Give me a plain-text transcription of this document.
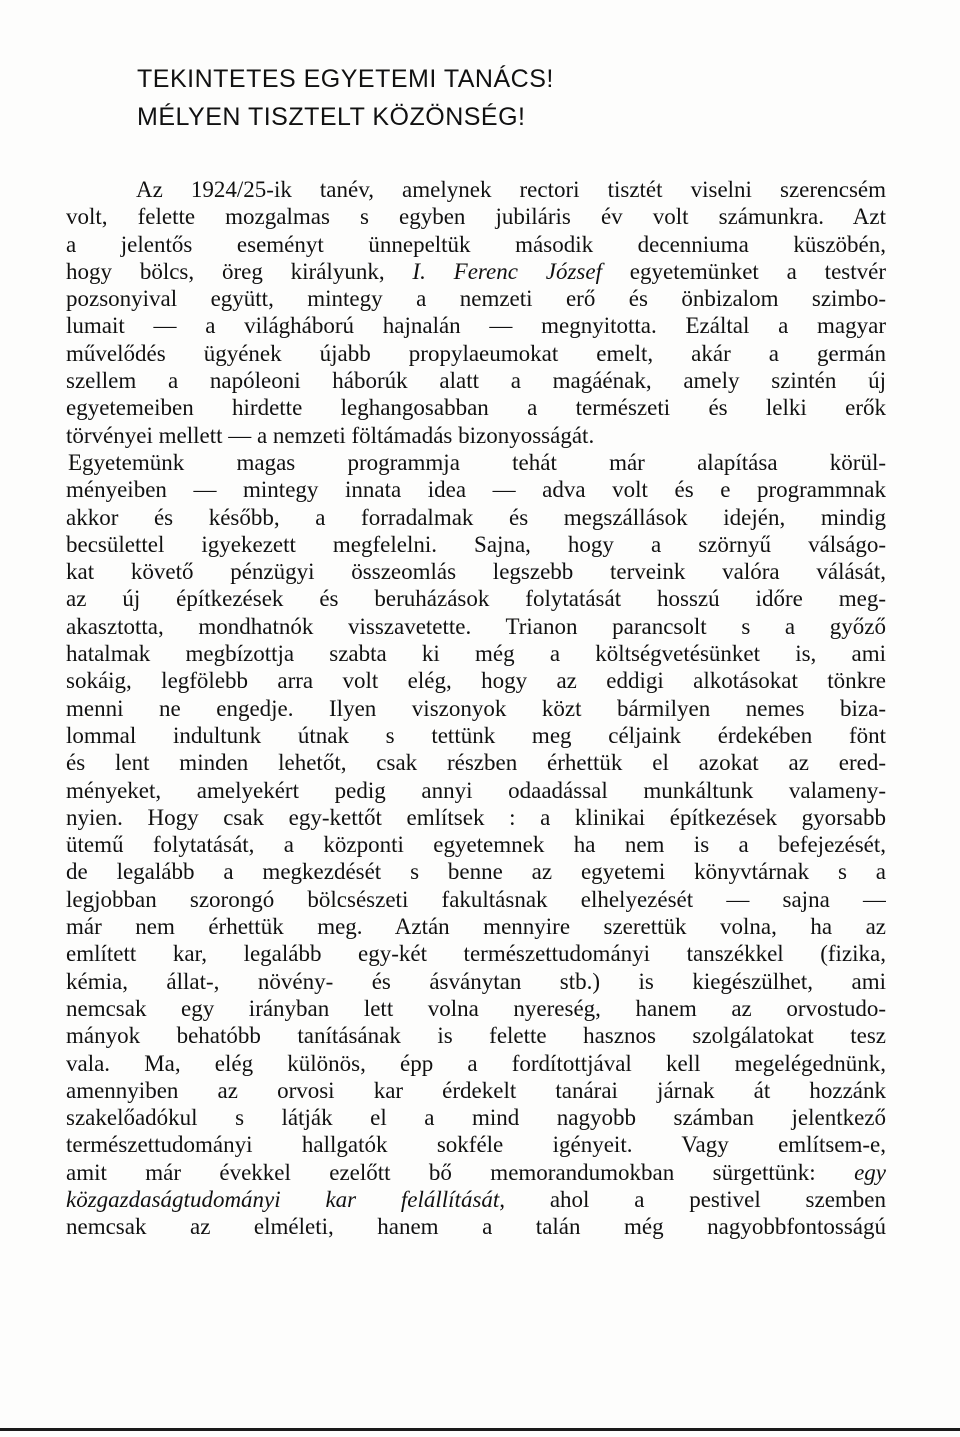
TEKINTETES EGYETEMI TANÁCS!
MÉLYEN TISZTELT KÖZÖNSÉG!
Az 1924/25-ik tanév, amelynek rectori tisztét viselni szerencsém
volt, felette mozgalmas s egyben jubiláris év volt számunkra. Azt
a jelentős eseményt ünnepeltük második decenniuma küszöbén,
hogy bölcs, öreg királyunk, I. Ferenc József egyetemünket a testvér
pozsonyival együtt, mintegy a nemzeti erő és önbizalom szimbo-
lumait — a világháború hajnalán — megnyitotta. Ezáltal a magyar
művelődés ügyének újabb propylaeumokat emelt, akár a germán
szellem a napóleoni háborúk alatt a magáénak, amely szintén új
egyetemeiben hirdette leghangosabban a természeti és lelki erők
törvényei mellett — a nemzeti föltámadás bizonyosságát.
Egyetemünk magas programmja tehát már alapítása körül-
ményeiben — mintegy innata idea — adva volt és e programmnak
akkor és később, a forradalmak és megszállások idején, mindig
becsülettel igyekezett megfelelni. Sajna, hogy a szörnyű válságo-
kat követő pénzügyi összeomlás legszebb terveink valóra válását,
az új építkezések és beruházások folytatását hosszú időre meg-
akasztotta, mondhatnók visszavetette. Trianon parancsolt s a győző
hatalmak megbízottja szabta ki még a költségvetésünket is, ami
sokáig, legfölebb arra volt elég, hogy az eddigi alkotásokat tönkre
menni ne engedje. Ilyen viszonyok közt bármilyen nemes biza-
lommal indultunk útnak s tettünk meg céljaink érdekében fönt
és lent minden lehetőt, csak részben érhettük el azokat az ered-
ményeket, amelyekért pedig annyi odaadással munkáltunk valameny-
nyien. Hogy csak egy-kettőt említsek : a klinikai építkezések gyorsabb
ütemű folytatását, a központi egyetemnek ha nem is a befejezését,
de legalább a megkezdését s benne az egyetemi könyvtárnak s a
legjobban szorongó bölcsészeti fakultásnak elhelyezését — sajna —
már nem érhettük meg. Aztán mennyire szerettük volna, ha az
említett kar, legalább egy-két természettudományi tanszékkel (fizika,
kémia, állat-, növény- és ásványtan stb.) is kiegészülhet, ami
nemcsak egy irányban lett volna nyereség, hanem az orvostudo-
mányok behatóbb tanításának is felette hasznos szolgálatokat tesz
vala. Ma, elég különös, épp a fordítottjával kell megelégednünk,
amennyiben az orvosi kar érdekelt tanárai járnak át hozzánk
szakelőadókul s látják el a mind nagyobb számban jelentkező
természettudományi hallgatók sokféle igényeit. Vagy említsem-e,
amit már évekkel ezelőtt bő memorandumokban sürgettünk: egy
közgazdaságtudományi kar felállítását, ahol a pestivel szemben
nemcsak az elméleti, hanem a talán még nagyobbfontosságú
